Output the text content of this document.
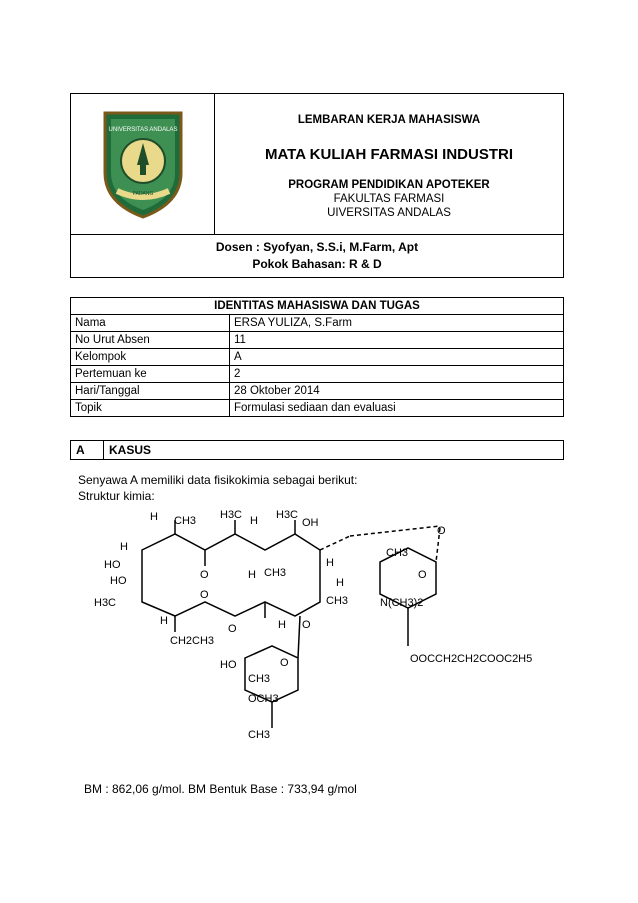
UNIVERSITAS ANDALAS
PADANG

LEMBARAN KERJA MAHASISWA
MATA KULIAH FARMASI INDUSTRI
PROGRAM PENDIDIKAN APOTEKER
FAKULTAS FARMASI
UIVERSITAS ANDALAS

Dosen : Syofyan, S.S.i, M.Farm, Apt
Pokok Bahasan: R & D
IDENTITAS MAHASISWA DAN TUGAS	
Nama	ERSA YULIZA, S.Farm
No Urut Absen	11
Kelompok	A
Pertemuan ke	2
Hari/Tanggal	28 Oktober 2014
Topik	Formulasi sediaan dan evaluasi
A	KASUS
Senyawa A memiliki data fisikokimia sebagai berikut:
Struktur kimia:
H CH3 H3C H H3C
OH
O
H
HO
HO
H3C
O	H CH3
H
H
CH3
O
O
H	H O
CH2CH3
CH3
N(CH3)2
O
OOCCH2CH2COOC2H5
HO
CH3
OCH3
CH3
O
BM : 862,06 g/mol. BM Bentuk Base : 733,94 g/mol
